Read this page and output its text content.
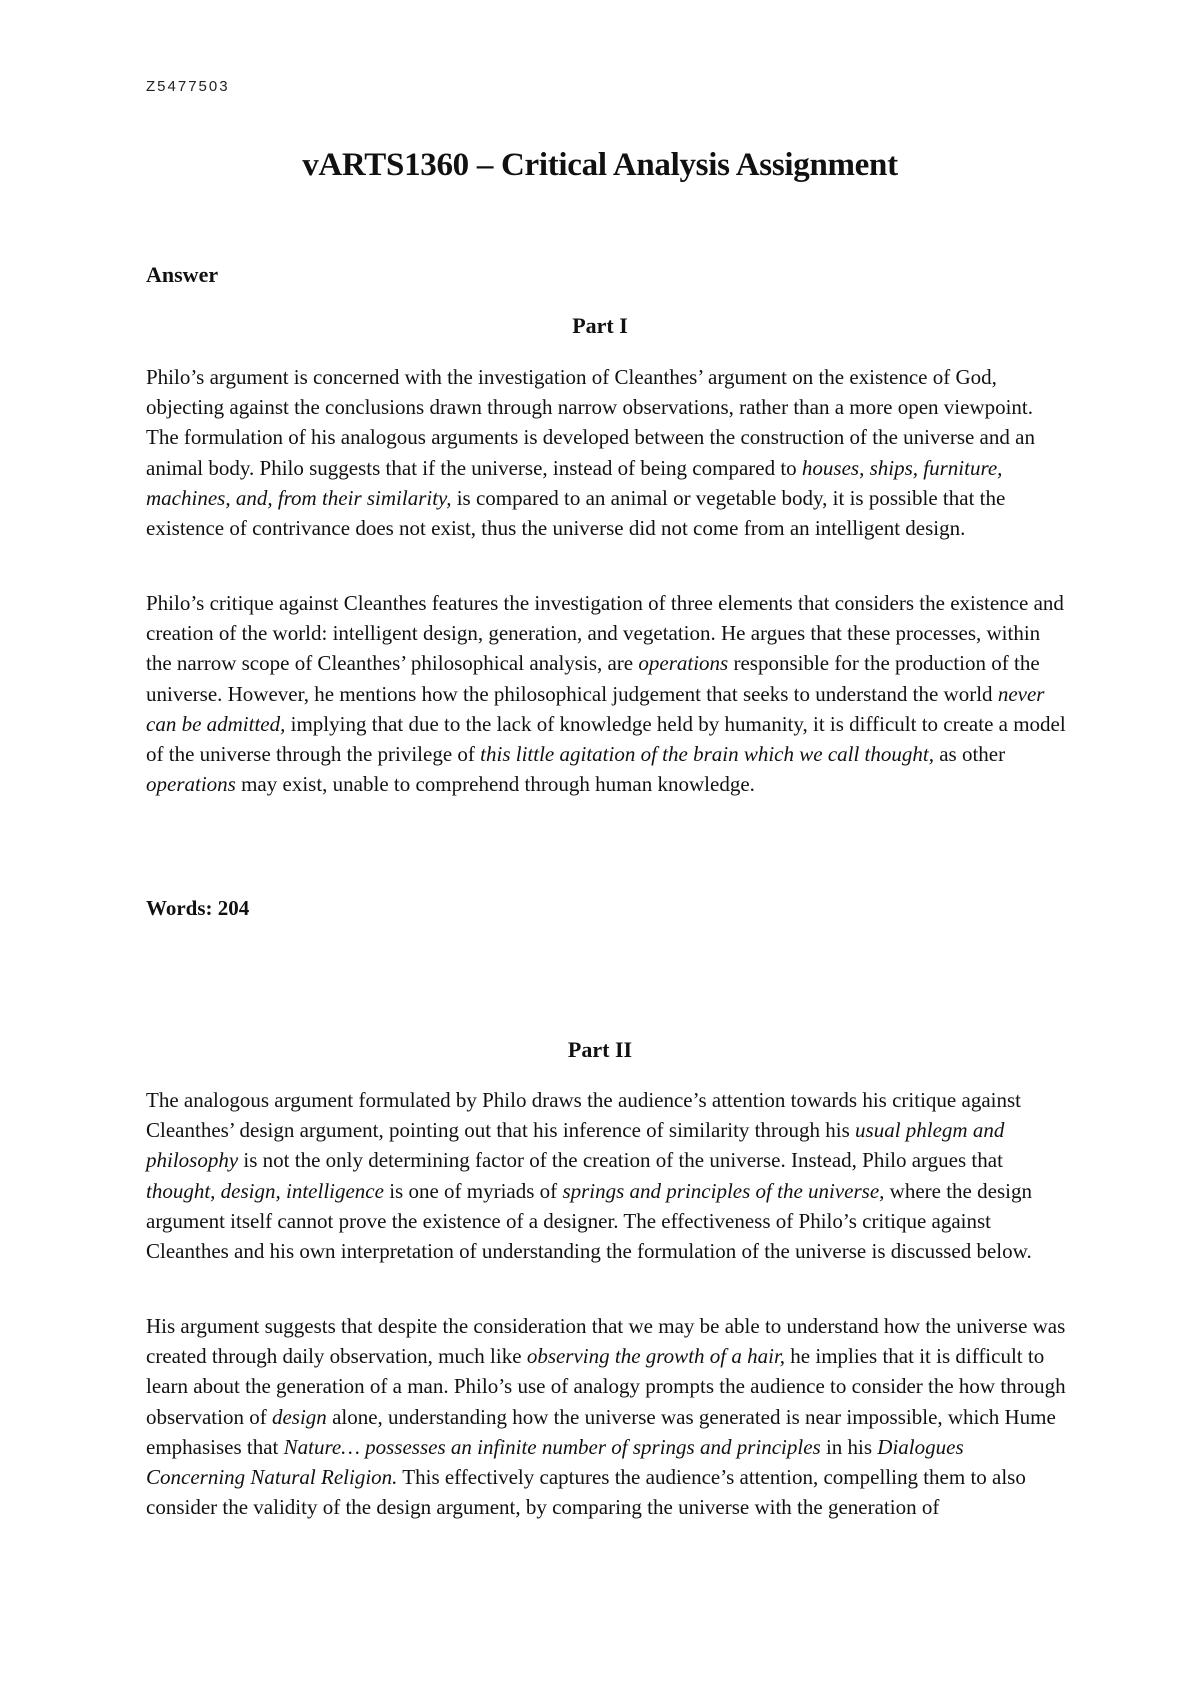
Z5477503
vARTS1360 – Critical Analysis Assignment
Answer
Part I

Philo’s argument is concerned with the investigation of Cleanthes’ argument on the existence of God, objecting against the conclusions drawn through narrow observations, rather than a more open viewpoint. The formulation of his analogous arguments is developed between the construction of the universe and an animal body. Philo suggests that if the universe, instead of being compared to houses, ships, furniture, machines, and, from their similarity, is compared to an animal or vegetable body, it is possible that the existence of contrivance does not exist, thus the universe did not come from an intelligent design.

Philo’s critique against Cleanthes features the investigation of three elements that considers the existence and creation of the world: intelligent design, generation, and vegetation. He argues that these processes, within the narrow scope of Cleanthes’ philosophical analysis, are operations responsible for the production of the universe. However, he mentions how the philosophical judgement that seeks to understand the world never can be admitted, implying that due to the lack of knowledge held by humanity, it is difficult to create a model of the universe through the privilege of this little agitation of the brain which we call thought, as other operations may exist, unable to comprehend through human knowledge.

Words: 204
Part II

The analogous argument formulated by Philo draws the audience’s attention towards his critique against Cleanthes’ design argument, pointing out that his inference of similarity through his usual phlegm and philosophy is not the only determining factor of the creation of the universe. Instead, Philo argues that thought, design, intelligence is one of myriads of springs and principles of the universe, where the design argument itself cannot prove the existence of a designer. The effectiveness of Philo’s critique against Cleanthes and his own interpretation of understanding the formulation of the universe is discussed below.

His argument suggests that despite the consideration that we may be able to understand how the universe was created through daily observation, much like observing the growth of a hair, he implies that it is difficult to learn about the generation of a man. Philo’s use of analogy prompts the audience to consider the how through observation of design alone, understanding how the universe was generated is near impossible, which Hume emphasises that Nature… possesses an infinite number of springs and principles in his Dialogues Concerning Natural Religion. This effectively captures the audience’s attention, compelling them to also consider the validity of the design argument, by comparing the universe with the generation of
